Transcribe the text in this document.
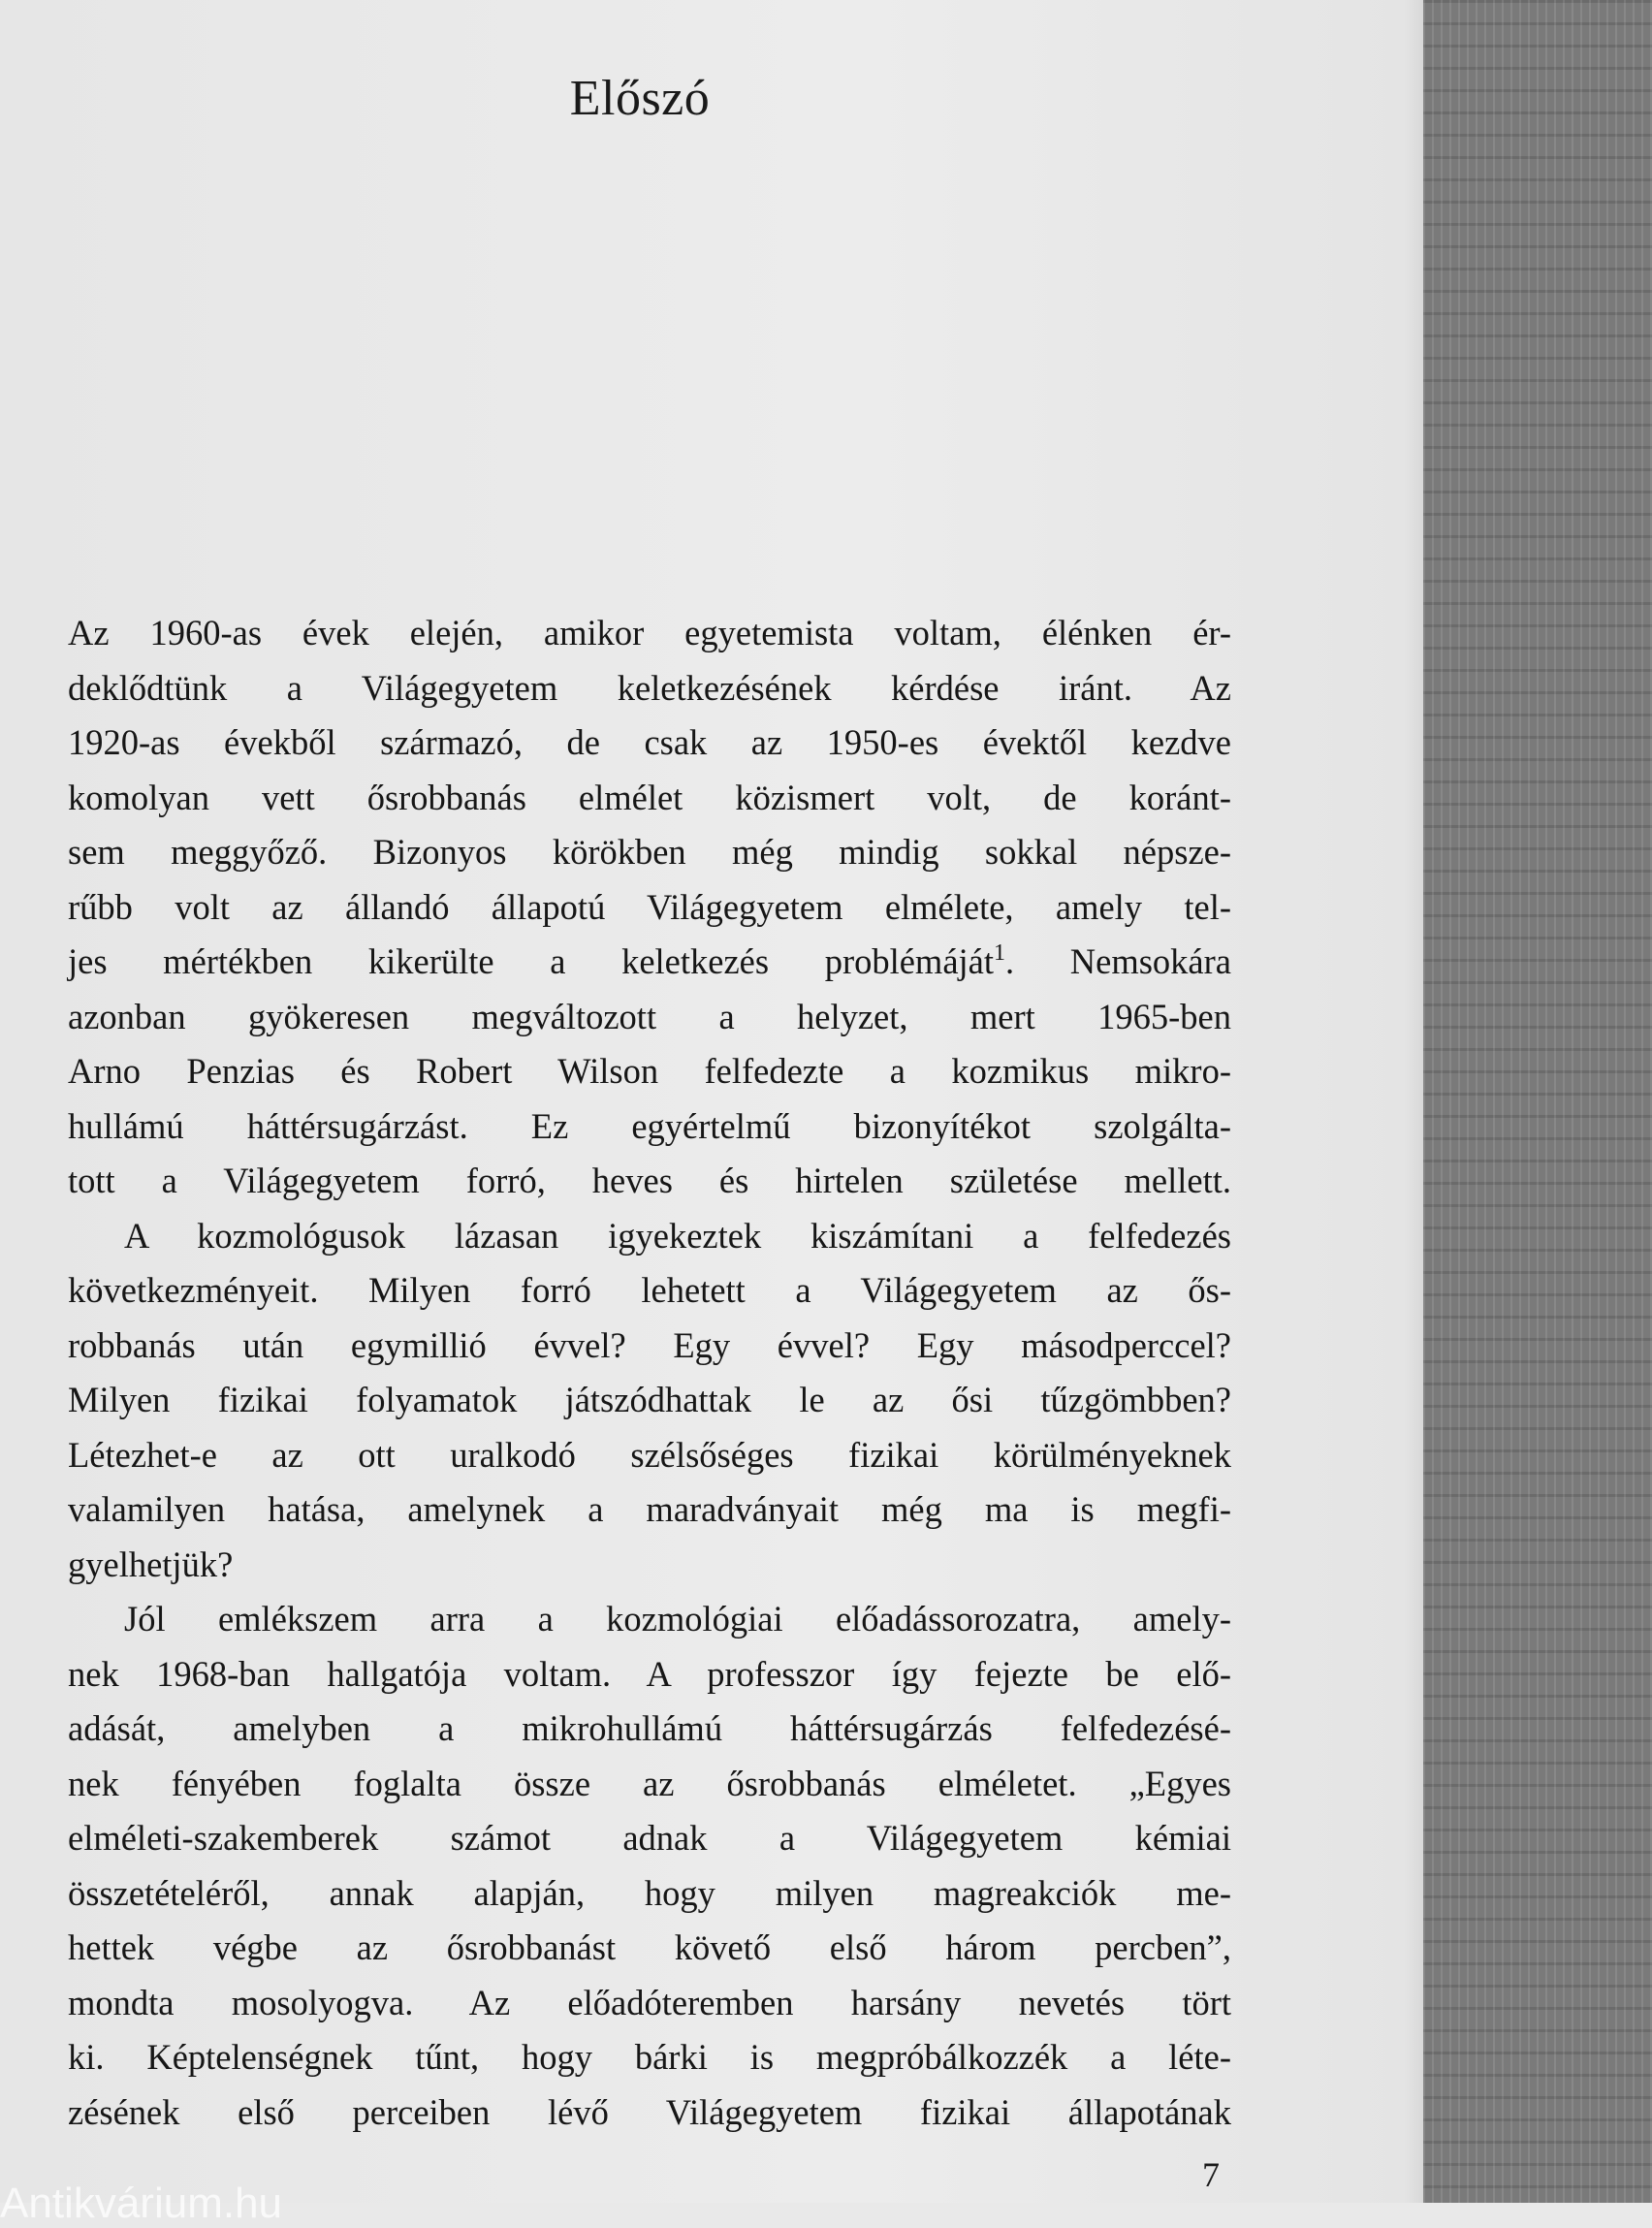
Előszó
Az 1960-as évek elején, amikor egyetemista voltam, élénken ér-
deklődtünk a Világegyetem keletkezésének kérdése iránt. Az
1920-as évekből származó, de csak az 1950-es évektől kezdve
komolyan vett ősrobbanás elmélet közismert volt, de koránt-
sem meggyőző. Bizonyos körökben még mindig sokkal népsze-
rűbb volt az állandó állapotú Világegyetem elmélete, amely tel-
jes mértékben kikerülte a keletkezés problémáját$^1$. Nemsokára
azonban gyökeresen megváltozott a helyzet, mert 1965-ben
Arno Penzias és Robert Wilson felfedezte a kozmikus mikro-
hullámú háttérsugárzást. Ez egyértelmű bizonyítékot szolgálta-
tott a Világegyetem forró, heves és hirtelen születése mellett.
A kozmológusok lázasan igyekeztek kiszámítani a felfedezés
következményeit. Milyen forró lehetett a Világegyetem az ős-
robbanás után egymillió évvel? Egy évvel? Egy másodperccel?
Milyen fizikai folyamatok játszódhattak le az ősi tűzgömbben?
Létezhet-e az ott uralkodó szélsőséges fizikai körülményeknek
valamilyen hatása, amelynek a maradványait még ma is megfi-
gyelhetjük?
Jól emlékszem arra a kozmológiai előadássorozatra, amely-
nek 1968-ban hallgatója voltam. A professzor így fejezte be elő-
adását, amelyben a mikrohullámú háttérsugárzás felfedezésé-
nek fényében foglalta össze az ősrobbanás elméletet. „Egyes
elméleti-szakemberek számot adnak a Világegyetem kémiai
összetételéről, annak alapján, hogy milyen magreakciók me-
hettek végbe az ősrobbanást követő első három percben”,
mondta mosolyogva. Az előadóteremben harsány nevetés tört
ki. Képtelenségnek tűnt, hogy bárki is megpróbálkozzék a léte-
zésének első perceiben lévő Világegyetem fizikai állapotának
7
Antikvárium.hu
